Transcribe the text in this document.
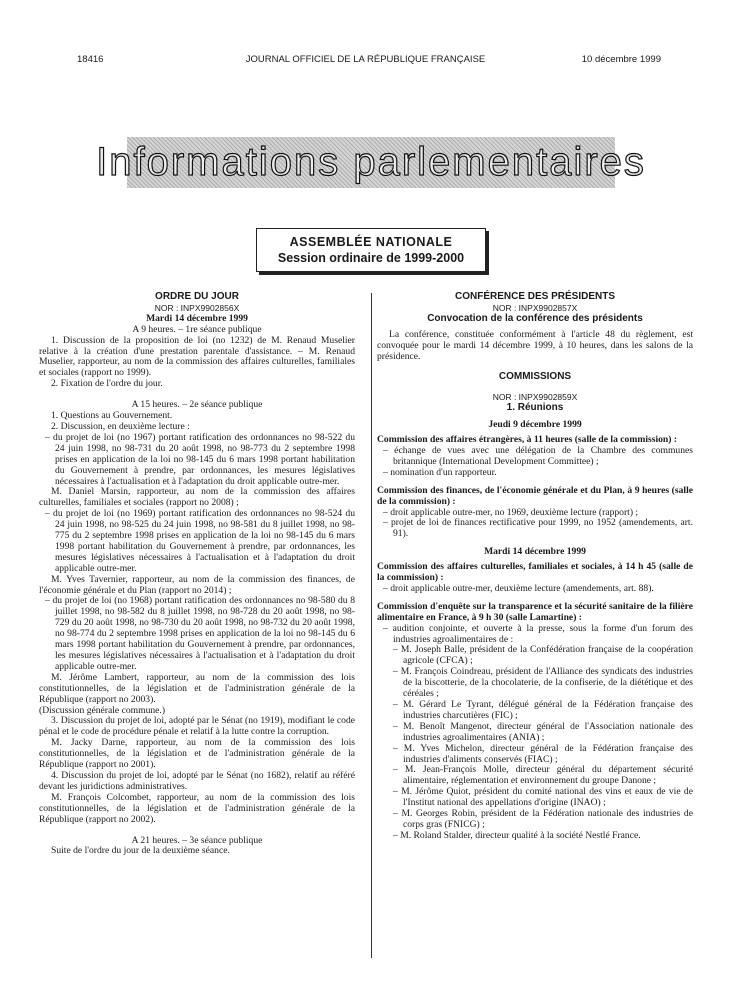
18416	JOURNAL OFFICIEL DE LA RÉPUBLIQUE FRANÇAISE	10 décembre 1999
Informations parlementaires
ASSEMBLÉE NATIONALE
Session ordinaire de 1999-2000
ORDRE DU JOUR
NOR : INPX9902856X
Mardi 14 décembre 1999
A 9 heures. – 1re séance publique
1. Discussion de la proposition de loi (no 1232) de M. Renaud Muselier relative à la création d'une prestation parentale d'assistance. – M. Renaud Muselier, rapporteur, au nom de la commission des affaires culturelles, familiales et sociales (rapport no 1999).
2. Fixation de l'ordre du jour.
A 15 heures. – 2e séance publique
1. Questions au Gouvernement.
2. Discussion, en deuxième lecture :
– du projet de loi (no 1967) portant ratification des ordonnances no 98-522 du 24 juin 1998, no 98-731 du 20 août 1998, no 98-773 du 2 septembre 1998 prises en application de la loi no 98-145 du 6 mars 1998 portant habilitation du Gouvernement à prendre, par ordonnances, les mesures législatives nécessaires à l'actualisation et à l'adaptation du droit applicable outre-mer.
M. Daniel Marsin, rapporteur, au nom de la commission des affaires culturelles, familiales et sociales (rapport no 2008) ;
– du projet de loi (no 1969) portant ratification des ordonnances no 98-524 du 24 juin 1998, no 98-525 du 24 juin 1998, no 98-581 du 8 juillet 1998, no 98-775 du 2 septembre 1998 prises en application de la loi no 98-145 du 6 mars 1998 portant habilitation du Gouvernement à prendre, par ordonnances, les mesures législatives nécessaires à l'actualisation et à l'adaptation du droit applicable outre-mer.
M. Yves Tavernier, rapporteur, au nom de la commission des finances, de l'économie générale et du Plan (rapport no 2014) ;
– du projet de loi (no 1968) portant ratification des ordonnances no 98-580 du 8 juillet 1998, no 98-582 du 8 juillet 1998, no 98-728 du 20 août 1998, no 98-729 du 20 août 1998, no 98-730 du 20 août 1998, no 98-732 du 20 août 1998, no 98-774 du 2 septembre 1998 prises en application de la loi no 98-145 du 6 mars 1998 portant habilitation du Gouvernement à prendre, par ordonnances, les mesures législatives nécessaires à l'actualisation et à l'adaptation du droit applicable outre-mer.
M. Jérôme Lambert, rapporteur, au nom de la commission des lois constitutionnelles, de la législation et de l'administration générale de la République (rapport no 2003).
(Discussion générale commune.)
3. Discussion du projet de loi, adopté par le Sénat (no 1919), modifiant le code pénal et le code de procédure pénale et relatif à la lutte contre la corruption.
M. Jacky Darne, rapporteur, au nom de la commission des lois constitutionnelles, de la législation et de l'administration générale de la République (rapport no 2001).
4. Discussion du projet de loi, adopté par le Sénat (no 1682), relatif au référé devant les juridictions administratives.
M. François Colcombet, rapporteur, au nom de la commission des lois constitutionnelles, de la législation et de l'administration générale de la République (rapport no 2002).
A 21 heures. – 3e séance publique
Suite de l'ordre du jour de la deuxième séance.
CONFÉRENCE DES PRÉSIDENTS
NOR : INPX9902857X
Convocation de la conférence des présidents
La conférence, constituée conformément à l'article 48 du règlement, est convoquée pour le mardi 14 décembre 1999, à 10 heures, dans les salons de la présidence.
COMMISSIONS
NOR : INPX9902859X
1. Réunions
Jeudi 9 décembre 1999
Commission des affaires étrangères, à 11 heures (salle de la commission) :
– échange de vues avec une délégation de la Chambre des communes britannique (International Development Committee) ;
– nomination d'un rapporteur.
Commission des finances, de l'économie générale et du Plan, à 9 heures (salle de la commission) :
– droit applicable outre-mer, no 1969, deuxième lecture (rapport) ;
– projet de loi de finances rectificative pour 1999, no 1952 (amendements, art. 91).
Mardi 14 décembre 1999
Commission des affaires culturelles, familiales et sociales, à 14 h 45 (salle de la commission) :
– droit applicable outre-mer, deuxième lecture (amendements, art. 88).
Commission d'enquête sur la transparence et la sécurité sanitaire de la filière alimentaire en France, à 9 h 30 (salle Lamartine) :
– audition conjointe, et ouverte à la presse, sous la forme d'un forum des industries agroalimentaires de :
– M. Joseph Balle, président de la Confédération française de la coopération agricole (CFCA) ;
– M. François Coindreau, président de l'Alliance des syndicats des industries de la biscotterie, de la chocolaterie, de la confiserie, de la diététique et des céréales ;
– M. Gérard Le Tyrant, délégué général de la Fédération française des industries charcutières (FIC) ;
– M. Benoît Mangenot, directeur général de l'Association nationale des industries agroalimentaires (ANIA) ;
– M. Yves Michelon, directeur général de la Fédération française des industries d'aliments conservés (FIAC) ;
– M. Jean-François Molle, directeur général du département sécurité alimentaire, réglementation et environnement du groupe Danone ;
– M. Jérôme Quiot, président du comité national des vins et eaux de vie de l'Institut national des appellations d'origine (INAO) ;
– M. Georges Robin, président de la Fédération nationale des industries de corps gras (FNICG) ;
– M. Roland Stalder, directeur qualité à la société Nestlé France.
